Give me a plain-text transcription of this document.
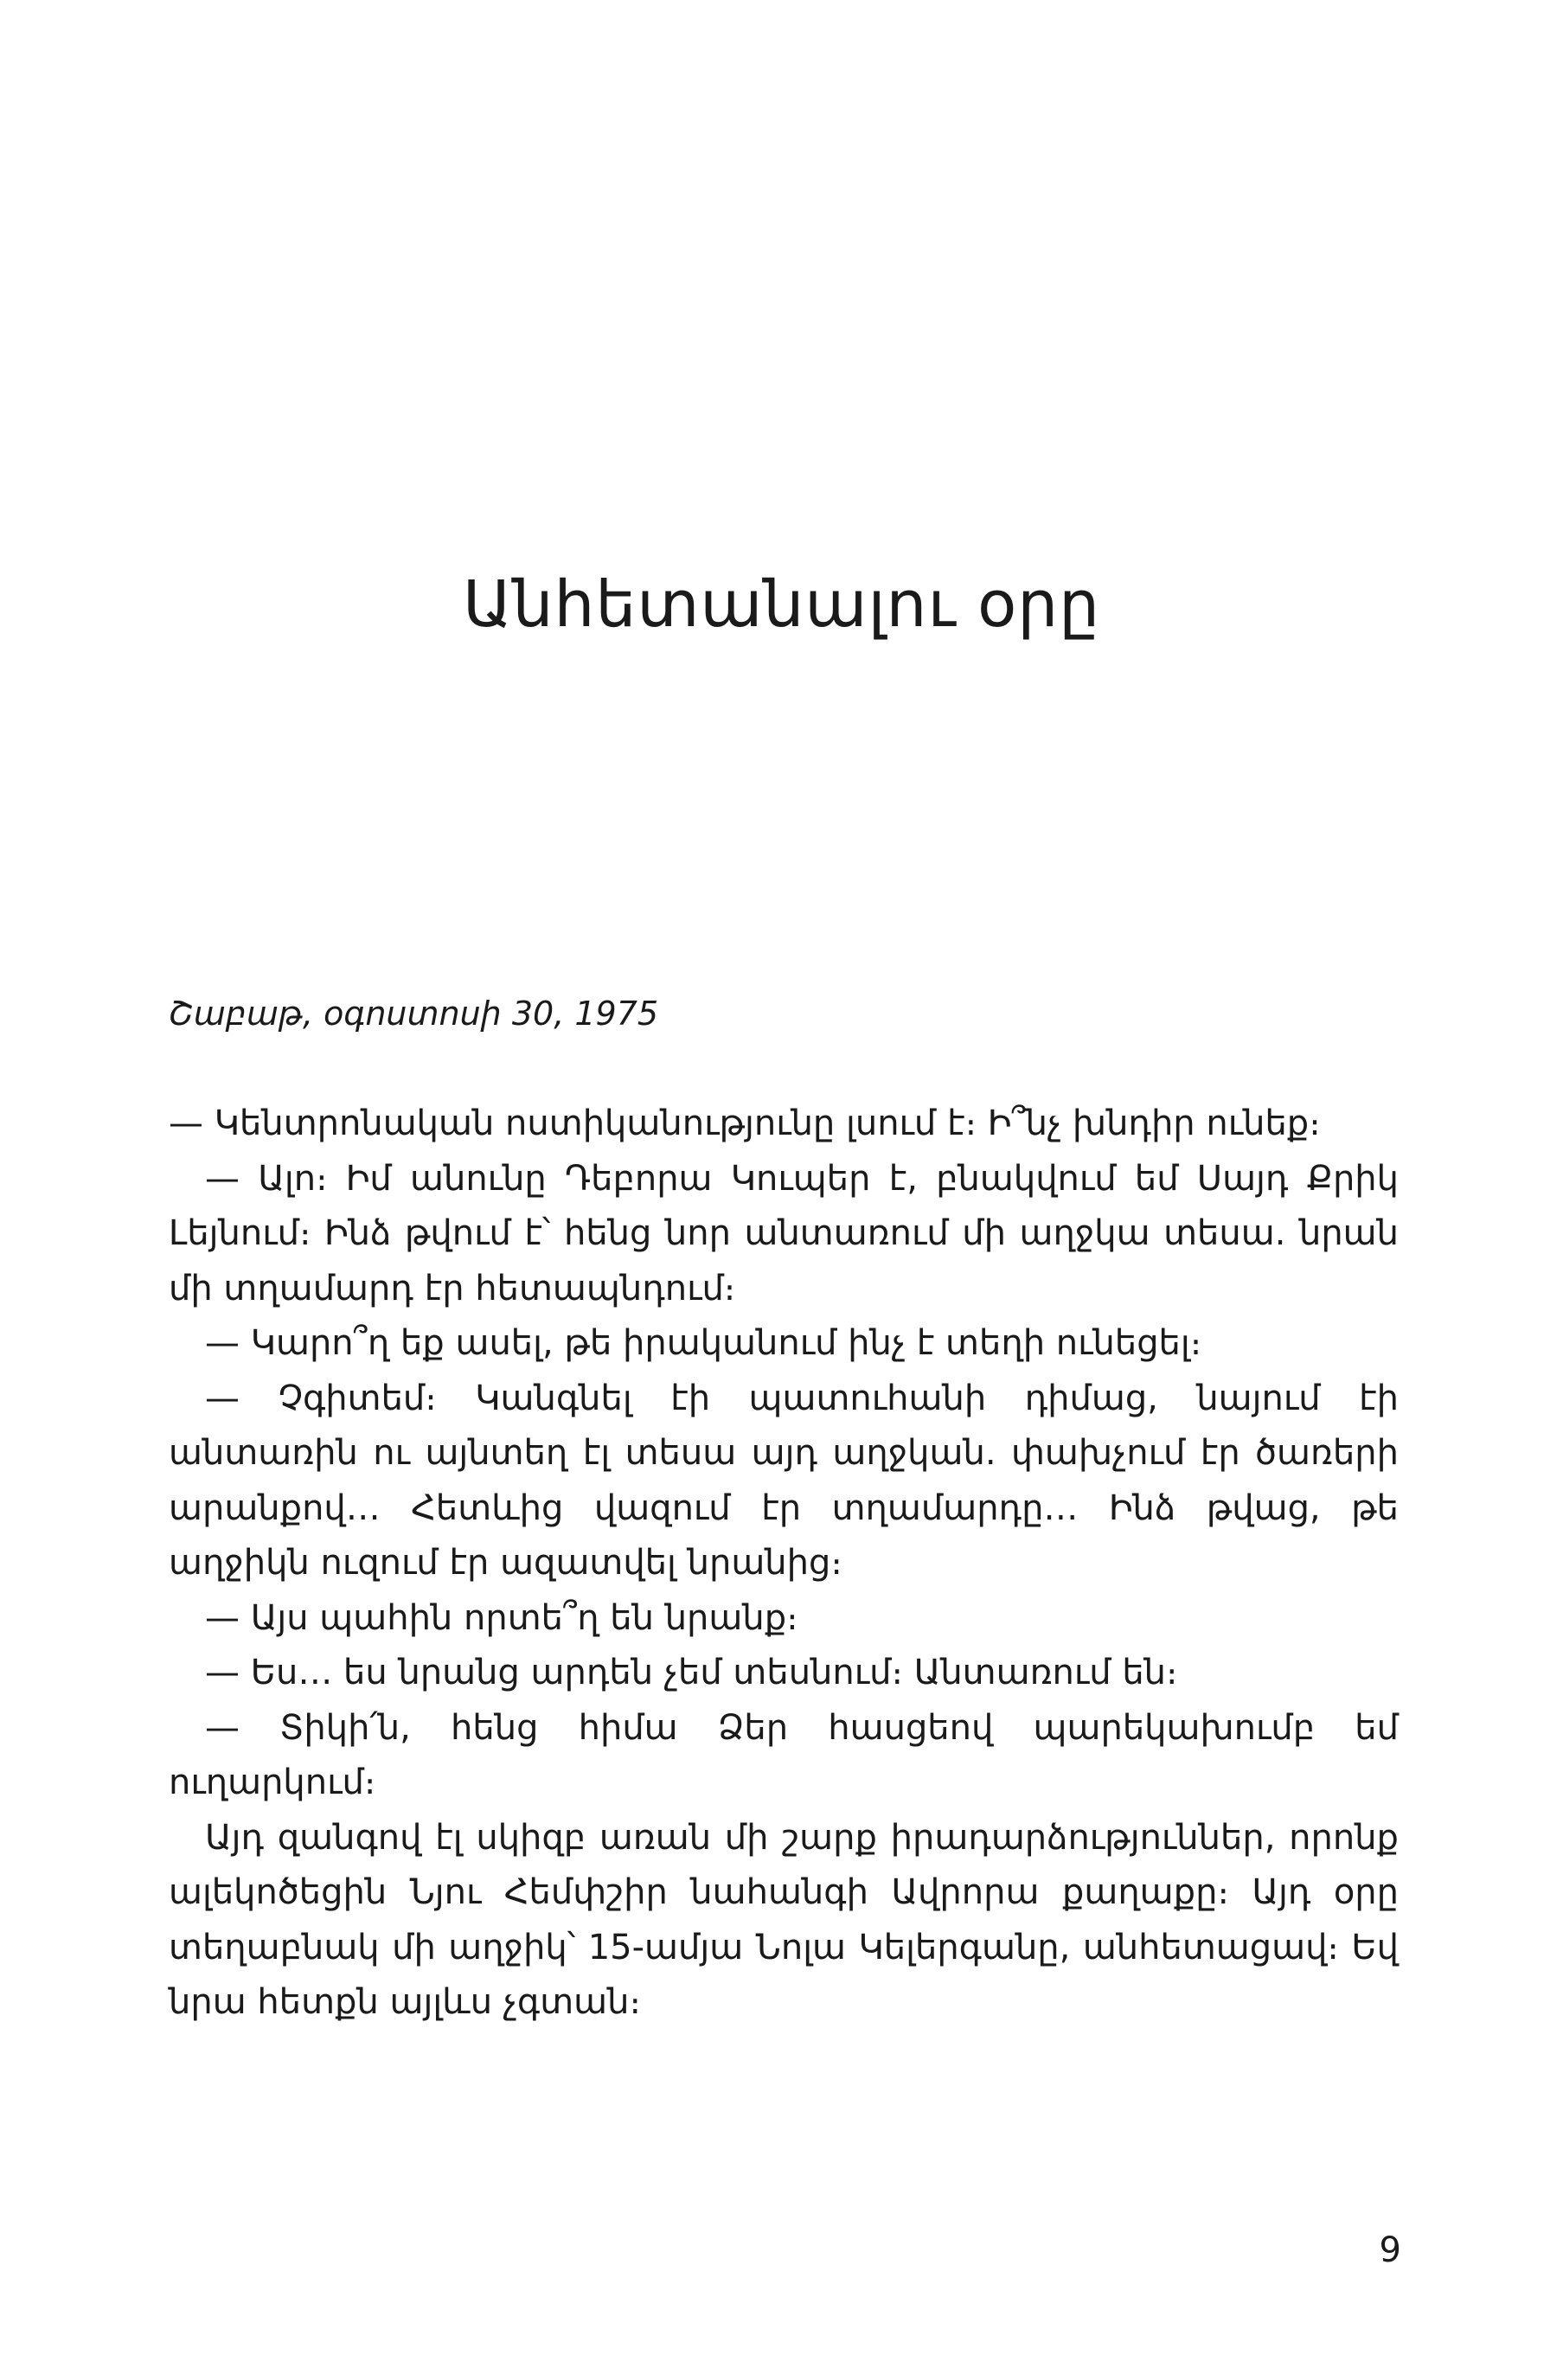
Անհետանալու օրը
Շաբաթ, օգոստոսի 30, 1975

— Կենտրոնական ոստիկանությունը լսում է։ Ի՞նչ խնդիր ունեք։

— Ալո։ Իմ անունը Դեբորա Կուպեր է, բնակվում եմ Սայդ Քրիկ Լեյնում։ Ինձ թվում է՝ հենց նոր անտառում մի աղջկա տեսա. նրան մի տղամարդ էր հետապնդում։

— Կարո՞ղ եք ասել, թե իրականում ինչ է տեղի ունեցել։

— Չգիտեմ։ Կանգնել էի պատուհանի դիմաց, նայում էի անտառին ու այնտեղ էլ տեսա այդ աղջկան. փախչում էր ծառերի արանքով… Հետևից վազում էր տղամարդը… Ինձ թվաց, թե աղջիկն ուզում էր ազատվել նրանից։

— Այս պահին որտե՞ղ են նրանք։

— Ես… ես նրանց արդեն չեմ տեսնում։ Անտառում են։

— Տիկի՛ն, հենց հիմա Ձեր հասցեով պարեկախումբ եմ ուղարկում։

Այդ զանգով էլ սկիզբ առան մի շարք իրադարձություններ, որոնք ալեկոծեցին Նյու Հեմփշիր նահանգի Ավրորա քաղաքը։ Այդ օրը տեղաբնակ մի աղջիկ՝ 15-ամյա Նոլա Կելերգանը, անհետացավ։ Եվ նրա հետքն այլևս չգտան։

9
